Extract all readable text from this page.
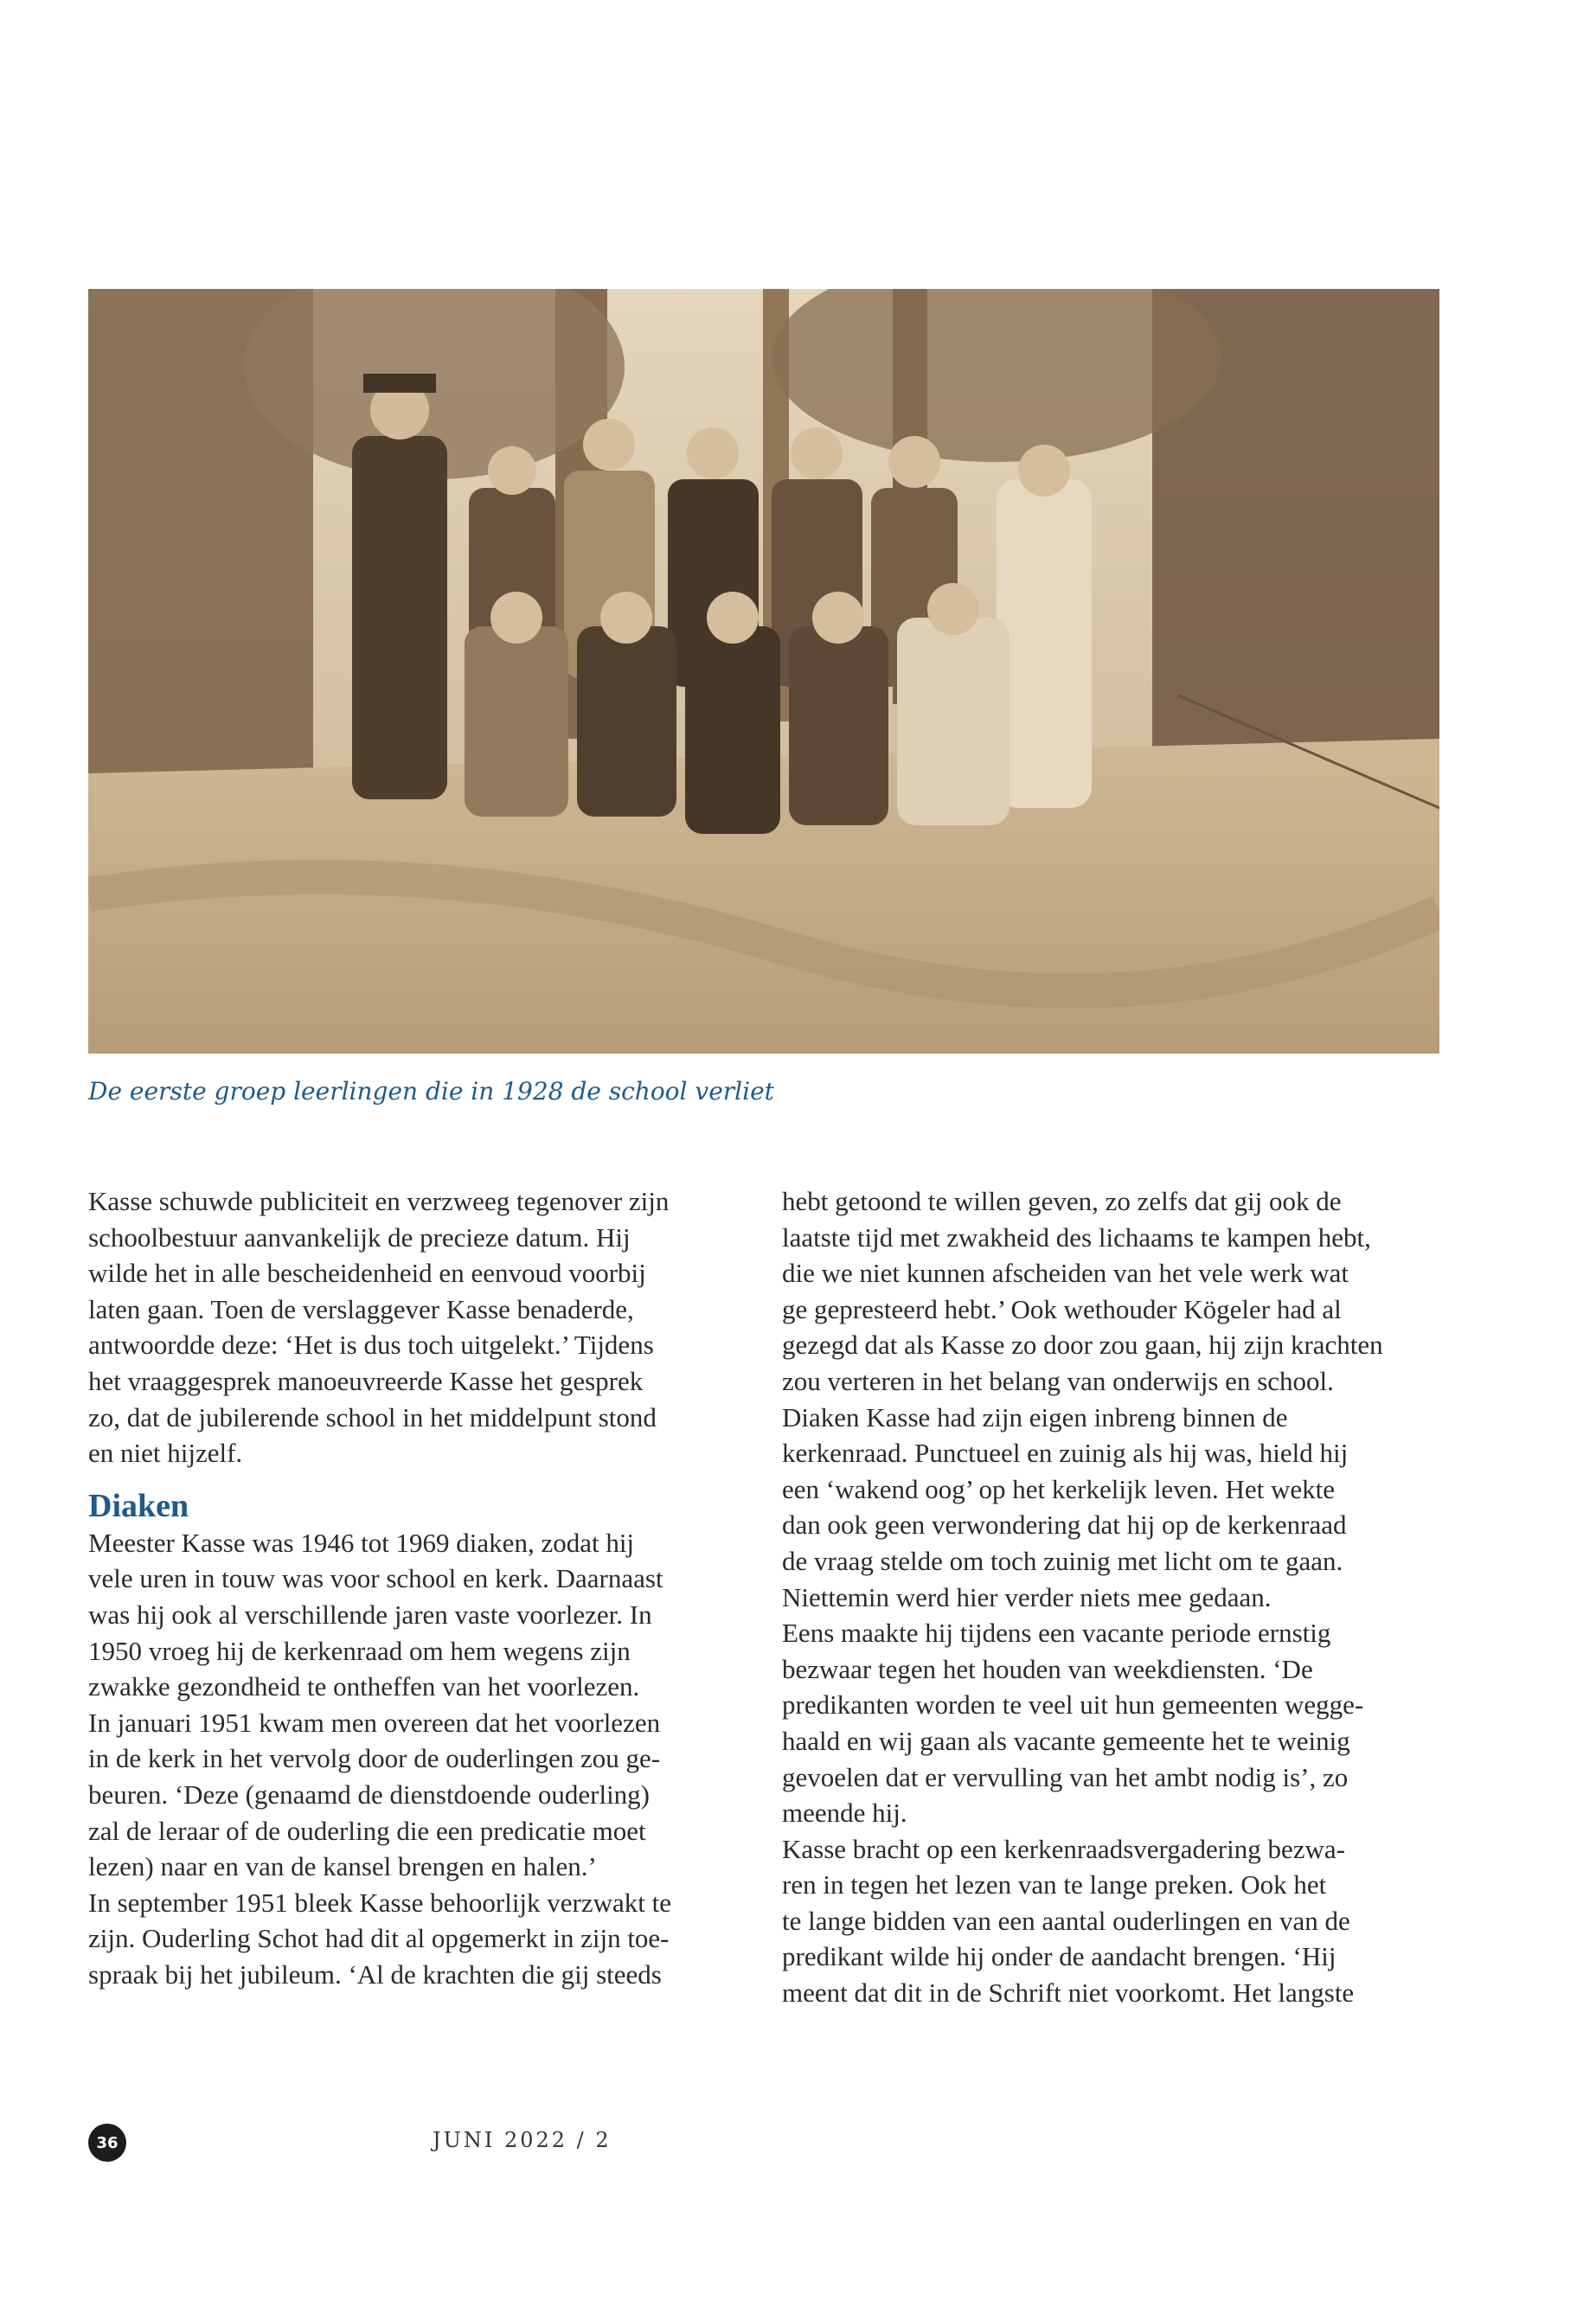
De eerste groep leerlingen die in 1928 de school verliet

Kasse schuwde publiciteit en verzweeg tegenover zijn
schoolbestuur aanvankelijk de precieze datum. Hij
wilde het in alle bescheidenheid en eenvoud voorbij
laten gaan. Toen de verslaggever Kasse benaderde,
antwoordde deze: ‘Het is dus toch uitgelekt.’ Tijdens
het vraaggesprek manoeuvreerde Kasse het gesprek
zo, dat de jubilerende school in het middelpunt stond
en niet hijzelf.

Diaken

Meester Kasse was 1946 tot 1969 diaken, zodat hij
vele uren in touw was voor school en kerk. Daarnaast
was hij ook al verschillende jaren vaste voorlezer. In
1950 vroeg hij de kerkenraad om hem wegens zijn
zwakke gezondheid te ontheffen van het voorlezen.
In januari 1951 kwam men overeen dat het voorlezen
in de kerk in het vervolg door de ouderlingen zou ge-
beuren. ‘Deze (genaamd de dienstdoende ouderling)
zal de leraar of de ouderling die een predicatie moet
lezen) naar en van de kansel brengen en halen.’
In september 1951 bleek Kasse behoorlijk verzwakt te
zijn. Ouderling Schot had dit al opgemerkt in zijn toe-
spraak bij het jubileum. ‘Al de krachten die gij steeds

hebt getoond te willen geven, zo zelfs dat gij ook de
laatste tijd met zwakheid des lichaams te kampen hebt,
die we niet kunnen afscheiden van het vele werk wat
ge gepresteerd hebt.’ Ook wethouder Kögeler had al
gezegd dat als Kasse zo door zou gaan, hij zijn krachten
zou verteren in het belang van onderwijs en school.
Diaken Kasse had zijn eigen inbreng binnen de
kerkenraad. Punctueel en zuinig als hij was, hield hij
een ‘wakend oog’ op het kerkelijk leven. Het wekte
dan ook geen verwondering dat hij op de kerkenraad
de vraag stelde om toch zuinig met licht om te gaan.
Niettemin werd hier verder niets mee gedaan.

Eens maakte hij tijdens een vacante periode ernstig
bezwaar tegen het houden van weekdiensten. ‘De
predikanten worden te veel uit hun gemeenten wegge-
haald en wij gaan als vacante gemeente het te weinig
gevoelen dat er vervulling van het ambt nodig is’, zo
meende hij.

Kasse bracht op een kerkenraadsvergadering bezwa-
ren in tegen het lezen van te lange preken. Ook het
te lange bidden van een aantal ouderlingen en van de
predikant wilde hij onder de aandacht brengen. ‘Hij
meent dat dit in de Schrift niet voorkomt. Het langste

36	JUNI 2022 / 2
